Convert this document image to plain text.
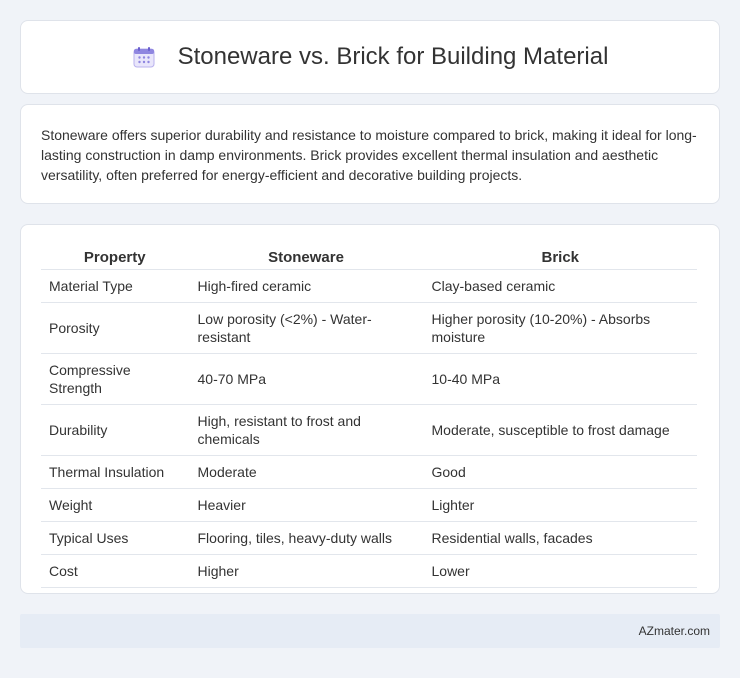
Stoneware vs. Brick for Building Material

Stoneware offers superior durability and resistance to moisture compared to brick, making it ideal for long-lasting construction in damp environments. Brick provides excellent thermal insulation and aesthetic versatility, often preferred for energy-efficient and decorative building projects.

Property	Stoneware	Brick
Material Type	High-fired ceramic	Clay-based ceramic
Porosity	Low porosity (<2%) - Water-resistant	Higher porosity (10-20%) - Absorbs moisture
Compressive Strength	40-70 MPa	10-40 MPa
Durability	High, resistant to frost and chemicals	Moderate, susceptible to frost damage
Thermal Insulation	Moderate	Good
Weight	Heavier	Lighter
Typical Uses	Flooring, tiles, heavy-duty walls	Residential walls, facades
Cost	Higher	Lower
AZmater.com
